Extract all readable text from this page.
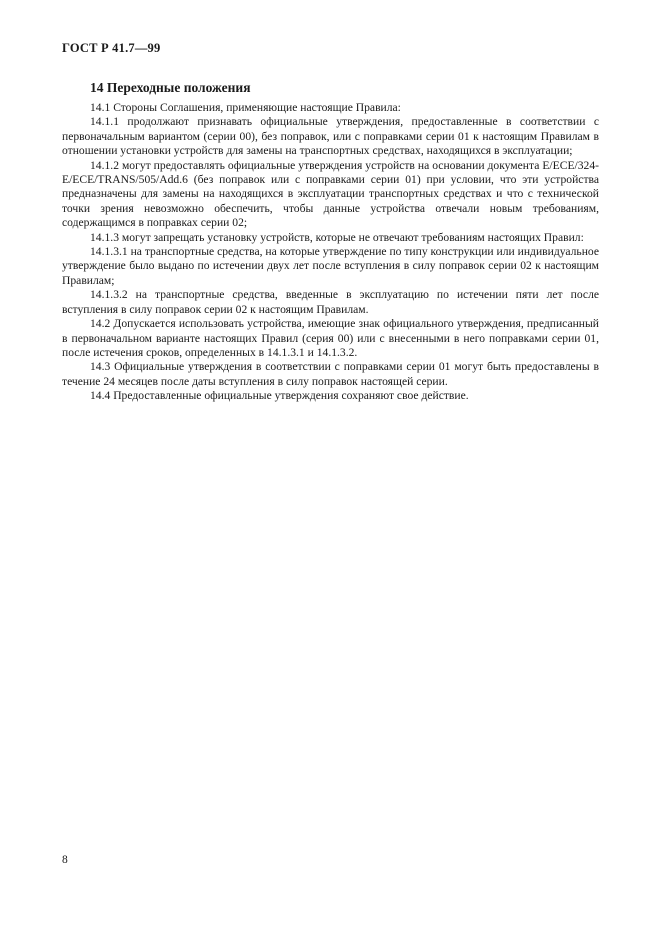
ГОСТ Р 41.7—99
14 Переходные положения

14.1 Стороны Соглашения, применяющие настоящие Правила:

14.1.1 продолжают признавать официальные утверждения, предоставленные в соответствии с первоначальным вариантом (серии 00), без поправок, или с поправками серии 01 к настоящим Правилам в отношении установки устройств для замены на транспортных средствах, находящихся в эксплуатации;

14.1.2 могут предоставлять официальные утверждения устройств на основании документа E/ECE/324-E/ECE/TRANS/505/Add.6 (без поправок или с поправками серии 01) при условии, что эти устройства предназначены для замены на находящихся в эксплуатации транспортных средствах и что с технической точки зрения невозможно обеспечить, чтобы данные устройства отвечали новым требованиям, содержащимся в поправках серии 02;

14.1.3 могут запрещать установку устройств, которые не отвечают требованиям настоящих Правил:

14.1.3.1 на транспортные средства, на которые утверждение по типу конструкции или индивидуальное утверждение было выдано по истечении двух лет после вступления в силу поправок серии 02 к настоящим Правилам;

14.1.3.2 на транспортные средства, введенные в эксплуатацию по истечении пяти лет после вступления в силу поправок серии 02 к настоящим Правилам.

14.2 Допускается использовать устройства, имеющие знак официального утверждения, предписанный в первоначальном варианте настоящих Правил (серия 00) или с внесенными в него поправками серии 01, после истечения сроков, определенных в 14.1.3.1 и 14.1.3.2.

14.3 Официальные утверждения в соответствии с поправками серии 01 могут быть предоставлены в течение 24 месяцев после даты вступления в силу поправок настоящей серии.

14.4 Предоставленные официальные утверждения сохраняют свое действие.

8
